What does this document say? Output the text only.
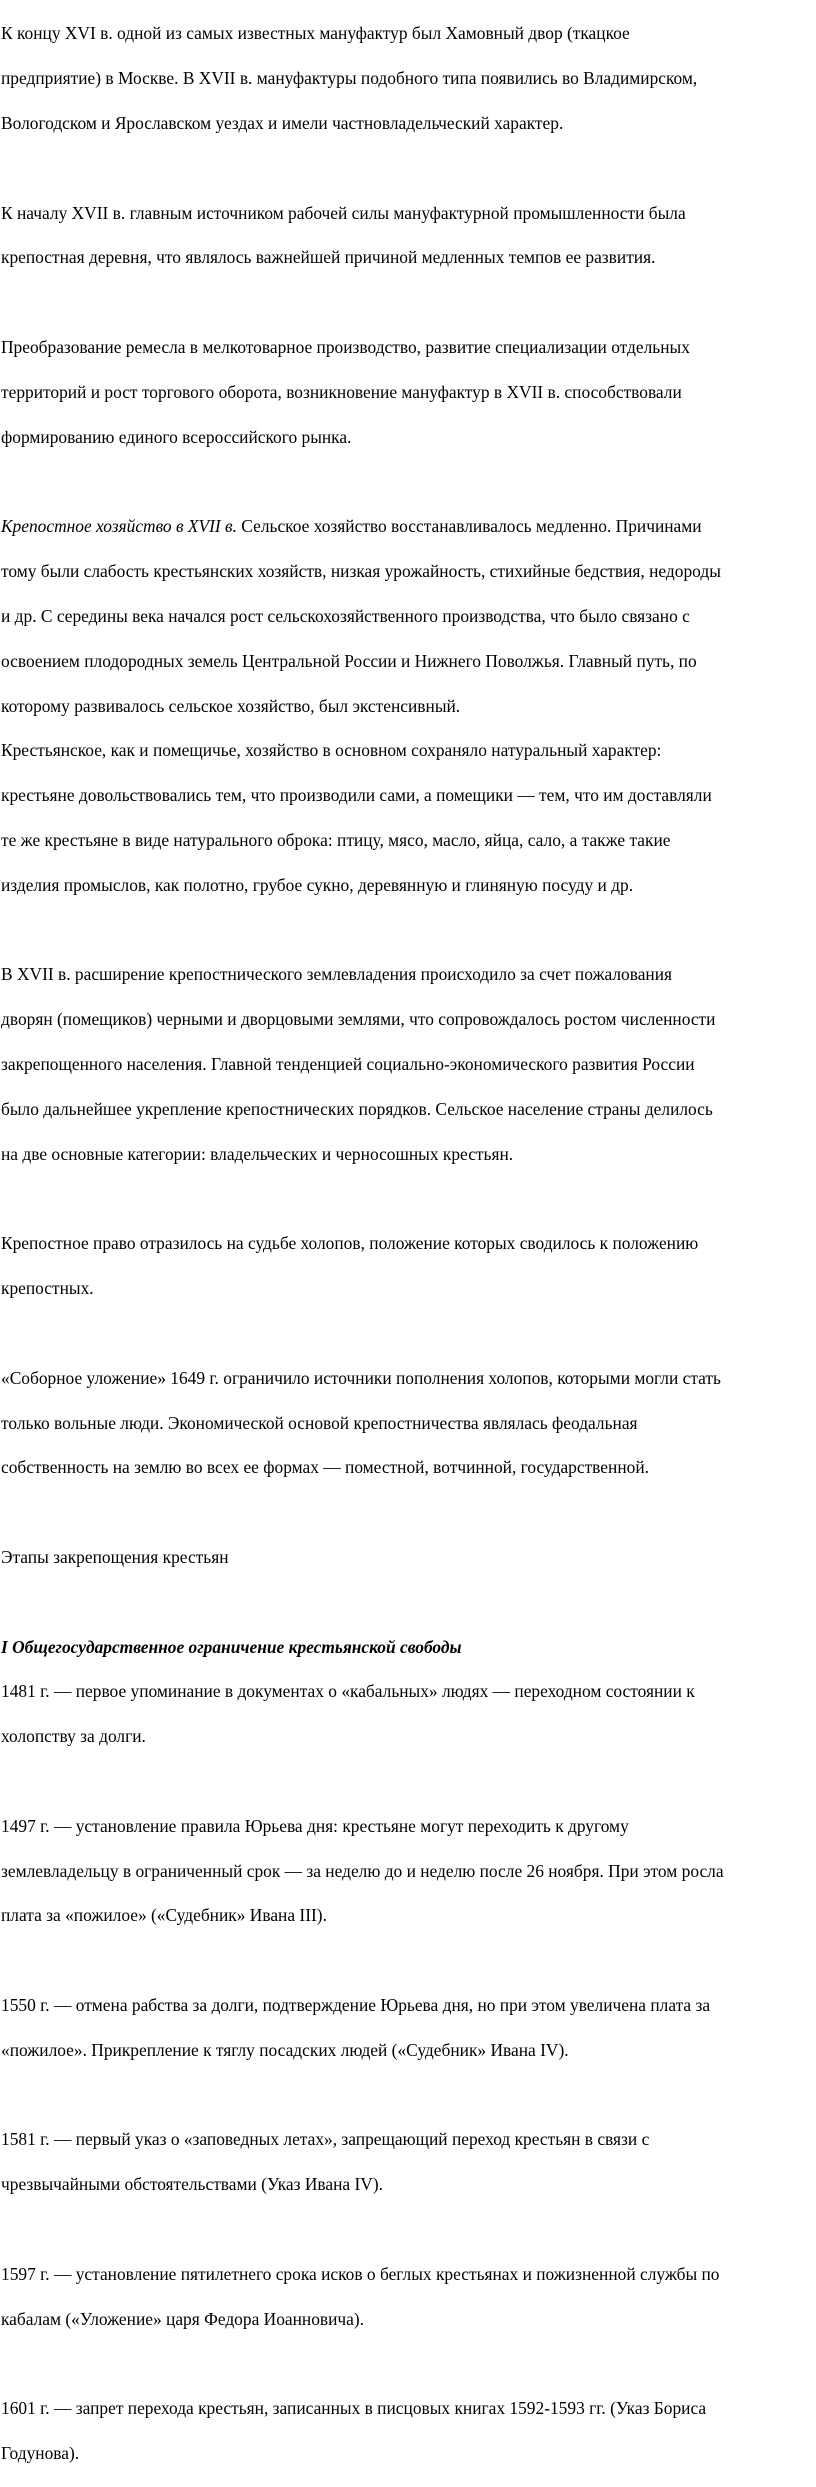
К концу XVI в. одной из самых известных мануфактур был Хамовный двор (ткацкое

предприятие) в Москве. В XVII в. мануфактуры подобного типа появились во Владимирском,

Вологодском и Ярославском уездах и имели частновладельческий характер.

К началу XVII в. главным источником рабочей силы мануфактурной промышленности была

крепостная деревня, что являлось важнейшей причиной медленных темпов ее развития.

Преобразование ремесла в мелкотоварное производство, развитие специализации отдельных

территорий и рост торгового оборота, возникновение мануфактур в XVII в. способствовали

формированию единого всероссийского рынка.

Крепостное хозяйство в XVII в. Сельское хозяйство восстанавливалось медленно. Причинами

тому были слабость крестьянских хозяйств, низкая урожайность, стихийные бедствия, недороды

и др. С середины века начался рост сельскохозяйственного производства, что было связано с

освоением плодородных земель Центральной России и Нижнего Поволжья. Главный путь, по

которому развивалось сельское хозяйство, был экстенсивный.

Крестьянское, как и помещичье, хозяйство в основном сохраняло натуральный характер:

крестьяне довольствовались тем, что производили сами, а помещики — тем, что им доставляли

те же крестьяне в виде натурального оброка: птицу, мясо, масло, яйца, сало, а также такие

изделия промыслов, как полотно, грубое сукно, деревянную и глиняную посуду и др.

В XVII в. расширение крепостнического землевладения происходило за счет пожалования

дворян (помещиков) черными и дворцовыми землями, что сопровождалось ростом численности

закрепощенного населения. Главной тенденцией социально-экономического развития России

было дальнейшее укрепление крепостнических порядков. Сельское население страны делилось

на две основные категории: владельческих и черносошных крестьян.

Крепостное право отразилось на судьбе холопов, положение которых сводилось к положению

крепостных.

«Соборное уложение» 1649 г. ограничило источники пополнения холопов, которыми могли стать

только вольные люди. Экономической основой крепостничества являлась феодальная

собственность на землю во всех ее формах — поместной, вотчинной, государственной.

Этапы закрепощения крестьян

I Общегосударственное ограничение крестьянской свободы

1481 г. — первое упоминание в документах о «кабальных» людях — переходном состоянии к

холопству за долги.

1497 г. — установление правила Юрьева дня: крестьяне могут переходить к другому

землевладельцу в ограниченный срок — за неделю до и неделю после 26 ноября. При этом росла

плата за «пожилое» («Судебник» Ивана III).

1550 г. — отмена рабства за долги, подтверждение Юрьева дня, но при этом увеличена плата за

«пожилое». Прикрепление к тяглу посадских людей («Судебник» Ивана IV).

1581 г. — первый указ о «заповедных летах», запрещающий переход крестьян в связи с

чрезвычайными обстоятельствами (Указ Ивана IV).

1597 г. — установление пятилетнего срока исков о беглых крестьянах и пожизненной службы по

кабалам («Уложение» царя Федора Иоанновича).

1601 г. — запрет перехода крестьян, записанных в писцовых книгах 1592-1593 гг. (Указ Бориса

Годунова).
